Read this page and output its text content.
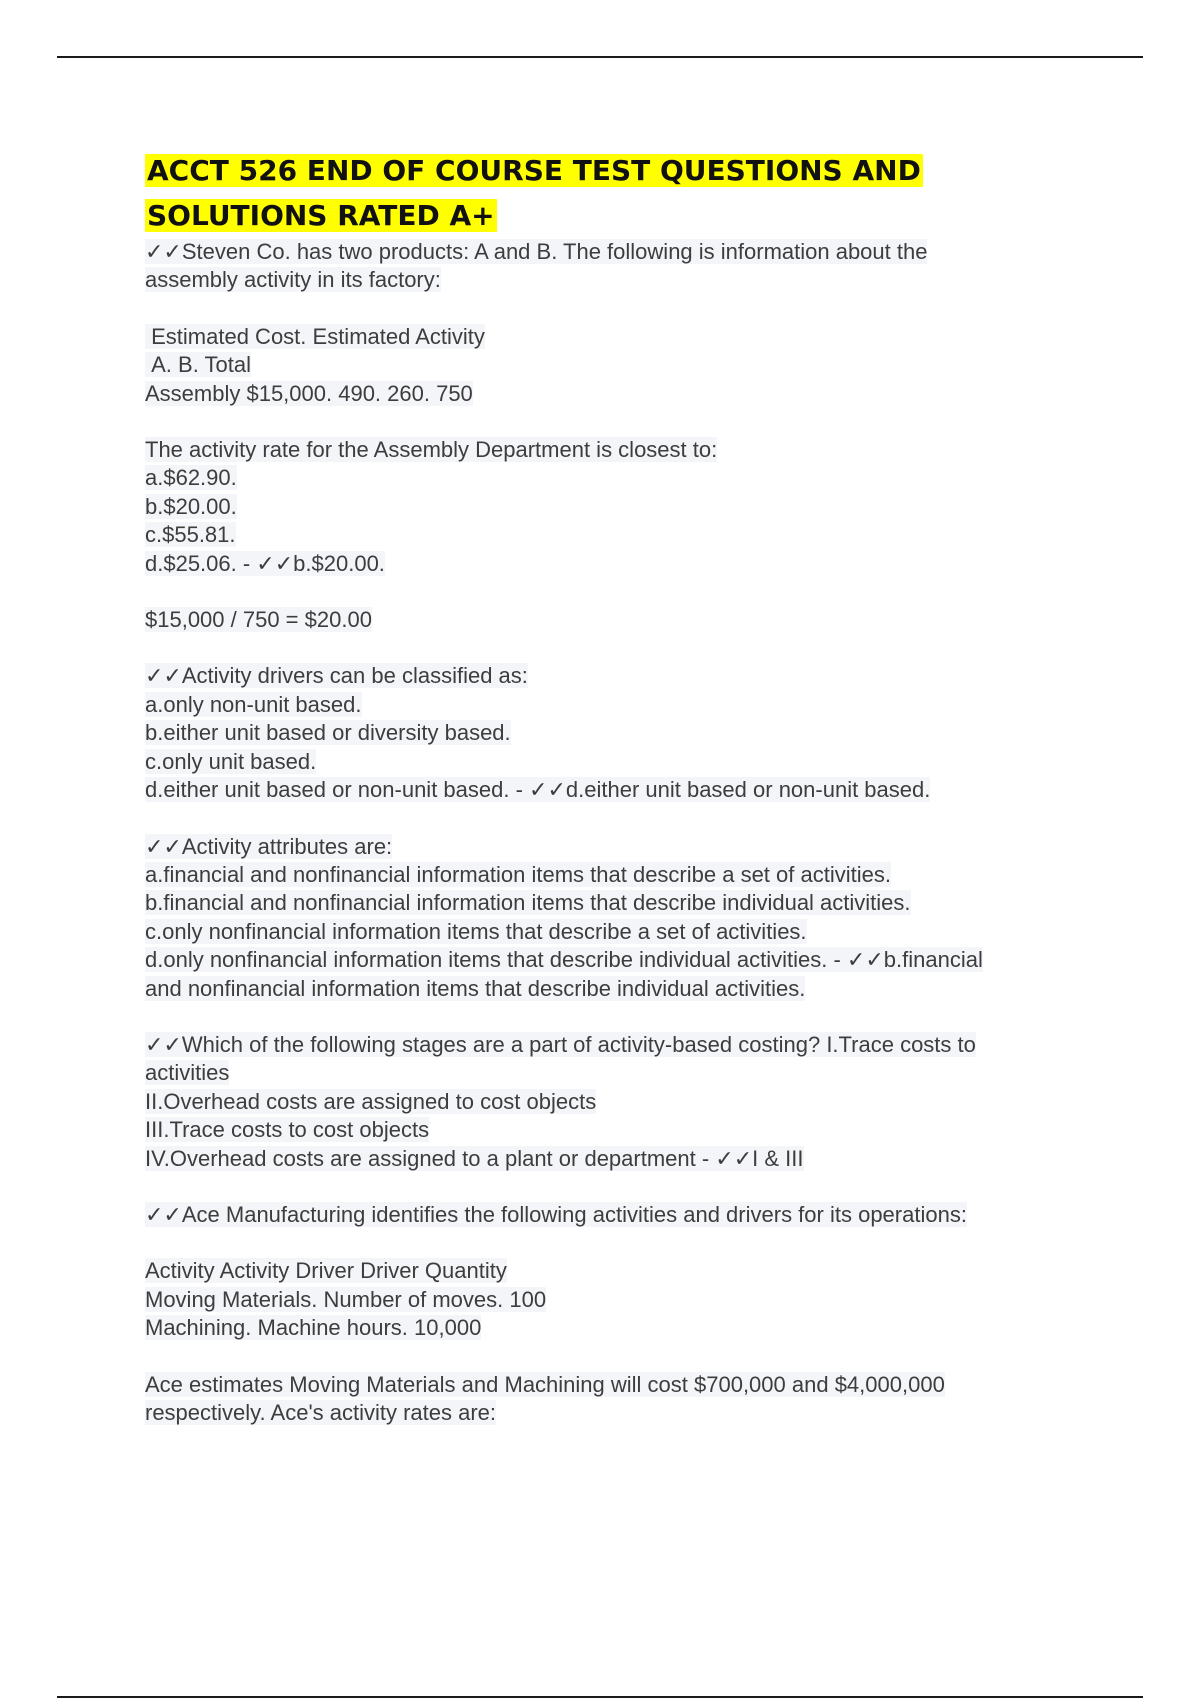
ACCT 526 END OF COURSE TEST QUESTIONS AND
SOLUTIONS RATED A+

✓✓Steven Co. has two products: A and B. The following is information about the
assembly activity in its factory:

Estimated Cost. Estimated Activity
A. B. Total
Assembly $15,000. 490. 260. 750

The activity rate for the Assembly Department is closest to:
a.$62.90.
b.$20.00.
c.$55.81.
d.$25.06. - ✓✓b.$20.00.

$15,000 / 750 = $20.00

✓✓Activity drivers can be classified as:
a.only non-unit based.
b.either unit based or diversity based.
c.only unit based.
d.either unit based or non-unit based. - ✓✓d.either unit based or non-unit based.

✓✓Activity attributes are:
a.financial and nonfinancial information items that describe a set of activities.
b.financial and nonfinancial information items that describe individual activities.
c.only nonfinancial information items that describe a set of activities.
d.only nonfinancial information items that describe individual activities. - ✓✓b.financial
and nonfinancial information items that describe individual activities.

✓✓Which of the following stages are a part of activity-based costing? I.Trace costs to
activities
II.Overhead costs are assigned to cost objects
III.Trace costs to cost objects
IV.Overhead costs are assigned to a plant or department - ✓✓I & III

✓✓Ace Manufacturing identifies the following activities and drivers for its operations:

Activity Activity Driver Driver Quantity
Moving Materials. Number of moves. 100
Machining. Machine hours. 10,000

Ace estimates Moving Materials and Machining will cost $700,000 and $4,000,000
respectively. Ace's activity rates are:
